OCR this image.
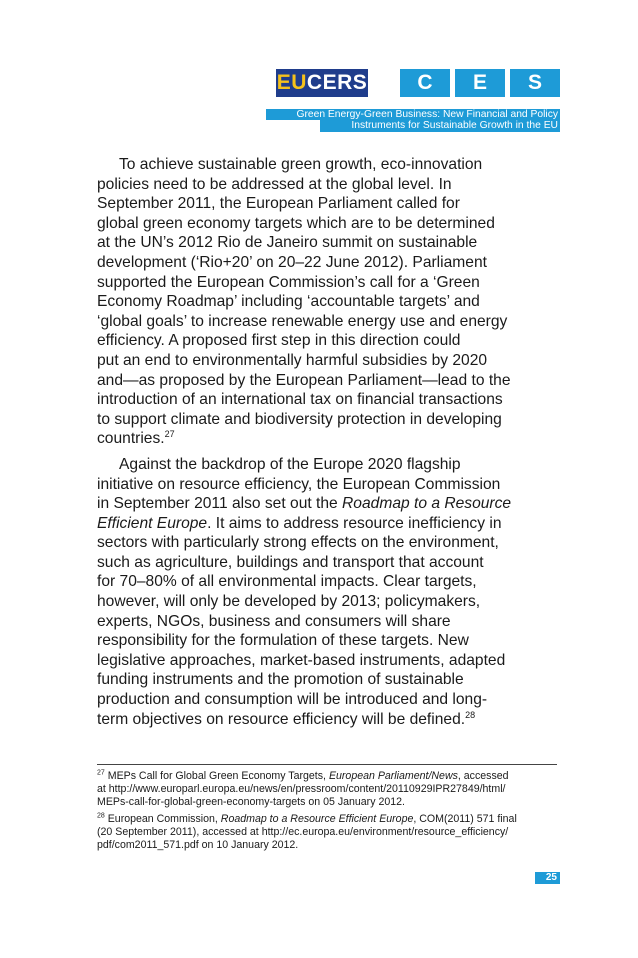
EU CERS	C	E	S
Green Energy-Green Business: New Financial and Policy
Instruments for Sustainable Growth in the EU

To achieve sustainable green growth, eco-innovation
policies need to be addressed at the global level. In
September 2011, the European Parliament called for
global green economy targets which are to be determined
at the UN’s 2012 Rio de Janeiro summit on sustainable
development (‘Rio+20’ on 20–22 June 2012). Parliament
supported the European Commission’s call for a ‘Green
Economy Roadmap’ including ‘accountable targets’ and
‘global goals’ to increase renewable energy use and energy
efficiency. A proposed first step in this direction could
put an end to environmentally harmful subsidies by 2020
and—as proposed by the European Parliament—lead to the
introduction of an international tax on financial transactions
to support climate and biodiversity protection in developing
countries.$^{27}$

Against the backdrop of the Europe 2020 flagship
initiative on resource efficiency, the European Commission
in September 2011 also set out the Roadmap to a Resource
Efficient Europe. It aims to address resource inefficiency in
sectors with particularly strong effects on the environment,
such as agriculture, buildings and transport that account
for 70–80% of all environmental impacts. Clear targets,
however, will only be developed by 2013; policymakers,
experts, NGOs, business and consumers will share
responsibility for the formulation of these targets. New
legislative approaches, market-based instruments, adapted
funding instruments and the promotion of sustainable
production and consumption will be introduced and long-
term objectives on resource efficiency will be defined.$^{28}$

$^{27}$ MEPs Call for Global Green Economy Targets, European Parliament/News, accessed
at http://www.europarl.europa.eu/news/en/pressroom/content/20110929IPR27849/html/
MEPs-call-for-global-green-economy-targets on 05 January 2012.

$^{28}$ European Commission, Roadmap to a Resource Efficient Europe, COM(2011) 571 final
(20 September 2011), accessed at http://ec.europa.eu/environment/resource_efficiency/
pdf/com2011_571.pdf on 10 January 2012.

25
